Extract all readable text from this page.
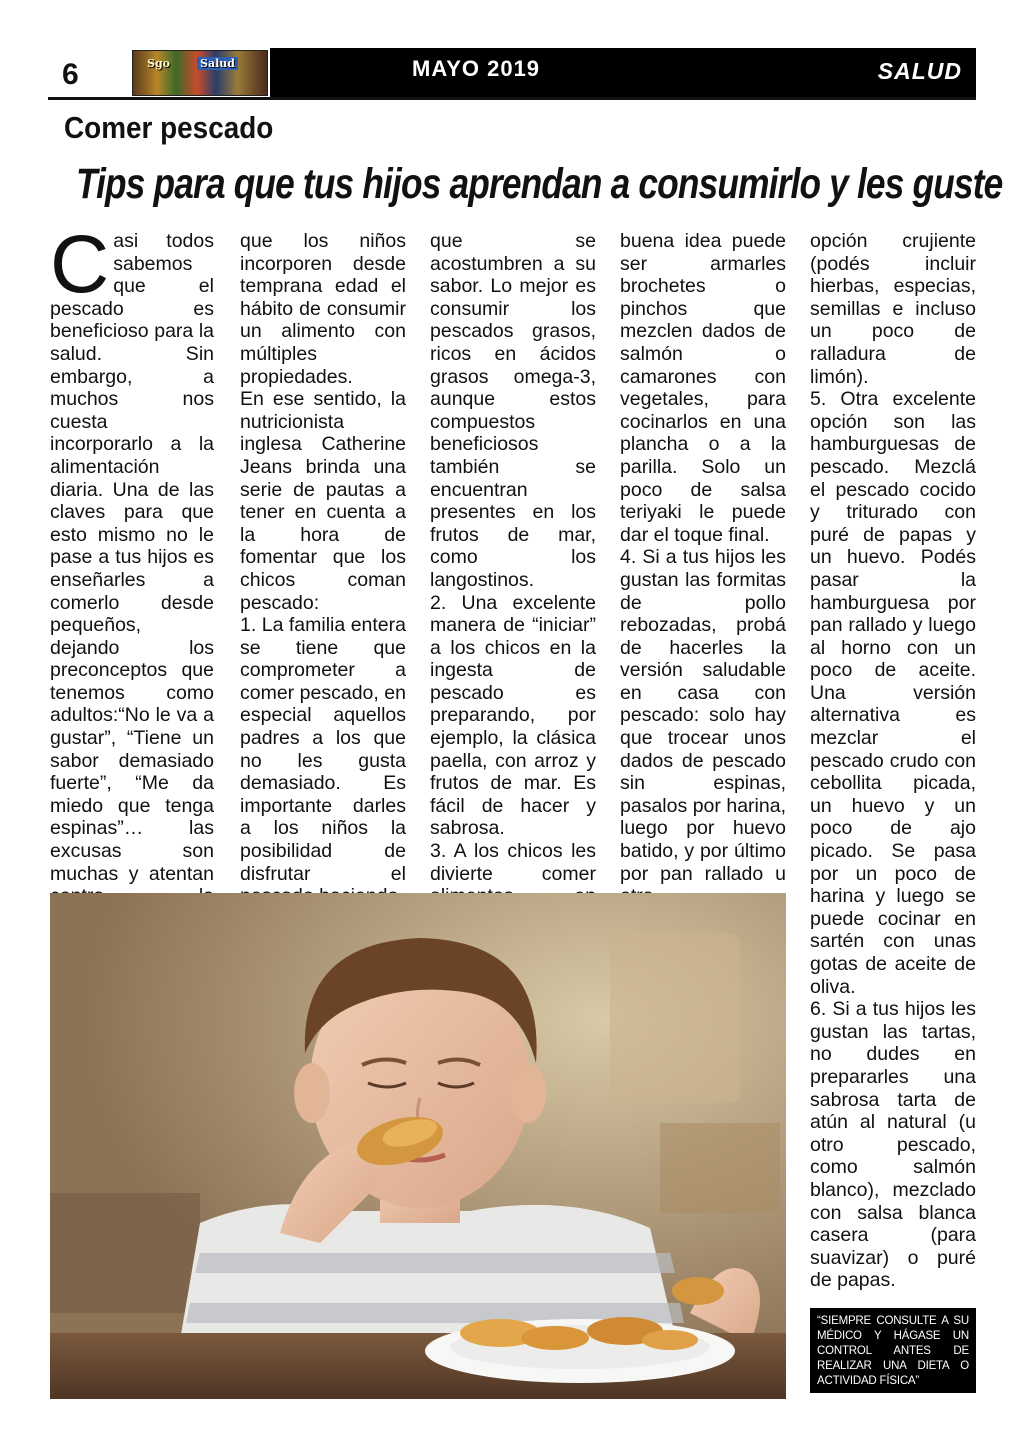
6	Sgo	Salud	MAYO 2019	SALUD
Comer pescado
Tips para que tus hijos aprendan a consumirlo y les guste
C asi todos sabemos que el pescado es beneficioso para la salud. Sin embargo, a muchos nos cuesta incorporarlo a la alimentación diaria. Una de las claves para que esto mismo no le pase a tus hijos es enseñarles a comerlo desde pequeños, dejando los preconceptos que tenemos como adultos:“No le va a gustar”, “Tiene un sabor demasiado fuerte”, “Me da miedo que tenga espinas”… las excusas son muchas y atentan

que los niños incorporen desde temprana edad el hábito de consumir un alimento con múltiples propiedades.

En ese sentido, la nutricionista inglesa Catherine Jeans brinda una serie de pautas a tener en cuenta a la hora de fomentar que los chicos coman pescado:

1. La familia entera se tiene que comprometer a comer pescado, en especial aquellos padres a los que no les gusta demasiado. Es importante darles a los niños la posibilidad de disfrutar el

que se acostumbren a su sabor. Lo mejor es consumir los pescados grasos, ricos en ácidos grasos omega-3, aunque estos compuestos beneficiosos también se encuentran presentes en los frutos de mar, como los langostinos.

2. Una excelente manera de “iniciar” a los chicos en la ingesta de pescado es preparando, por ejemplo, la clásica paella, con arroz y frutos de mar. Es fácil de hacer y sabrosa.

3. A los chicos les divierte comer

buena idea puede ser armarles brochetes o pinchos que mezclen dados de salmón o camarones con vegetales, para cocinarlos en una plancha o a la parilla. Solo un poco de salsa teriyaki le puede dar el toque final.

4. Si a tus hijos les gustan las formitas de pollo rebozadas, probá de hacerles la versión saludable en casa con pescado: solo hay que trocear unos dados de pescado sin espinas, pasalos por harina, luego por huevo batido, y por último por pan rallado u

opción crujiente (podés incluir hierbas, especias, semillas e incluso un poco de ralladura de limón).

5. Otra excelente opción son las hamburguesas de pescado. Mezclá el pescado cocido y triturado con puré de papas y un huevo. Podés pasar la hamburguesa por pan rallado y luego al horno con un poco de aceite. Una versión alternativa es mezclar el pescado crudo con cebollita picada, un huevo y un poco de ajo picado. Se pasa por un poco de harina y luego se puede cocinar en sartén con unas gotas de aceite de oliva.

6. Si a tus hijos les gustan las tartas, no dudes en prepararles una sabrosa tarta de atún al natural (u otro pescado, como salmón blanco), mezclado con salsa blanca casera (para suavizar) o puré de papas.

“SIEMPRE CONSULTE A SU MÉDICO Y HÁGASE UN CONTROL ANTES DE REALIZAR UNA DIETA O ACTIVIDAD FÍSICA”
